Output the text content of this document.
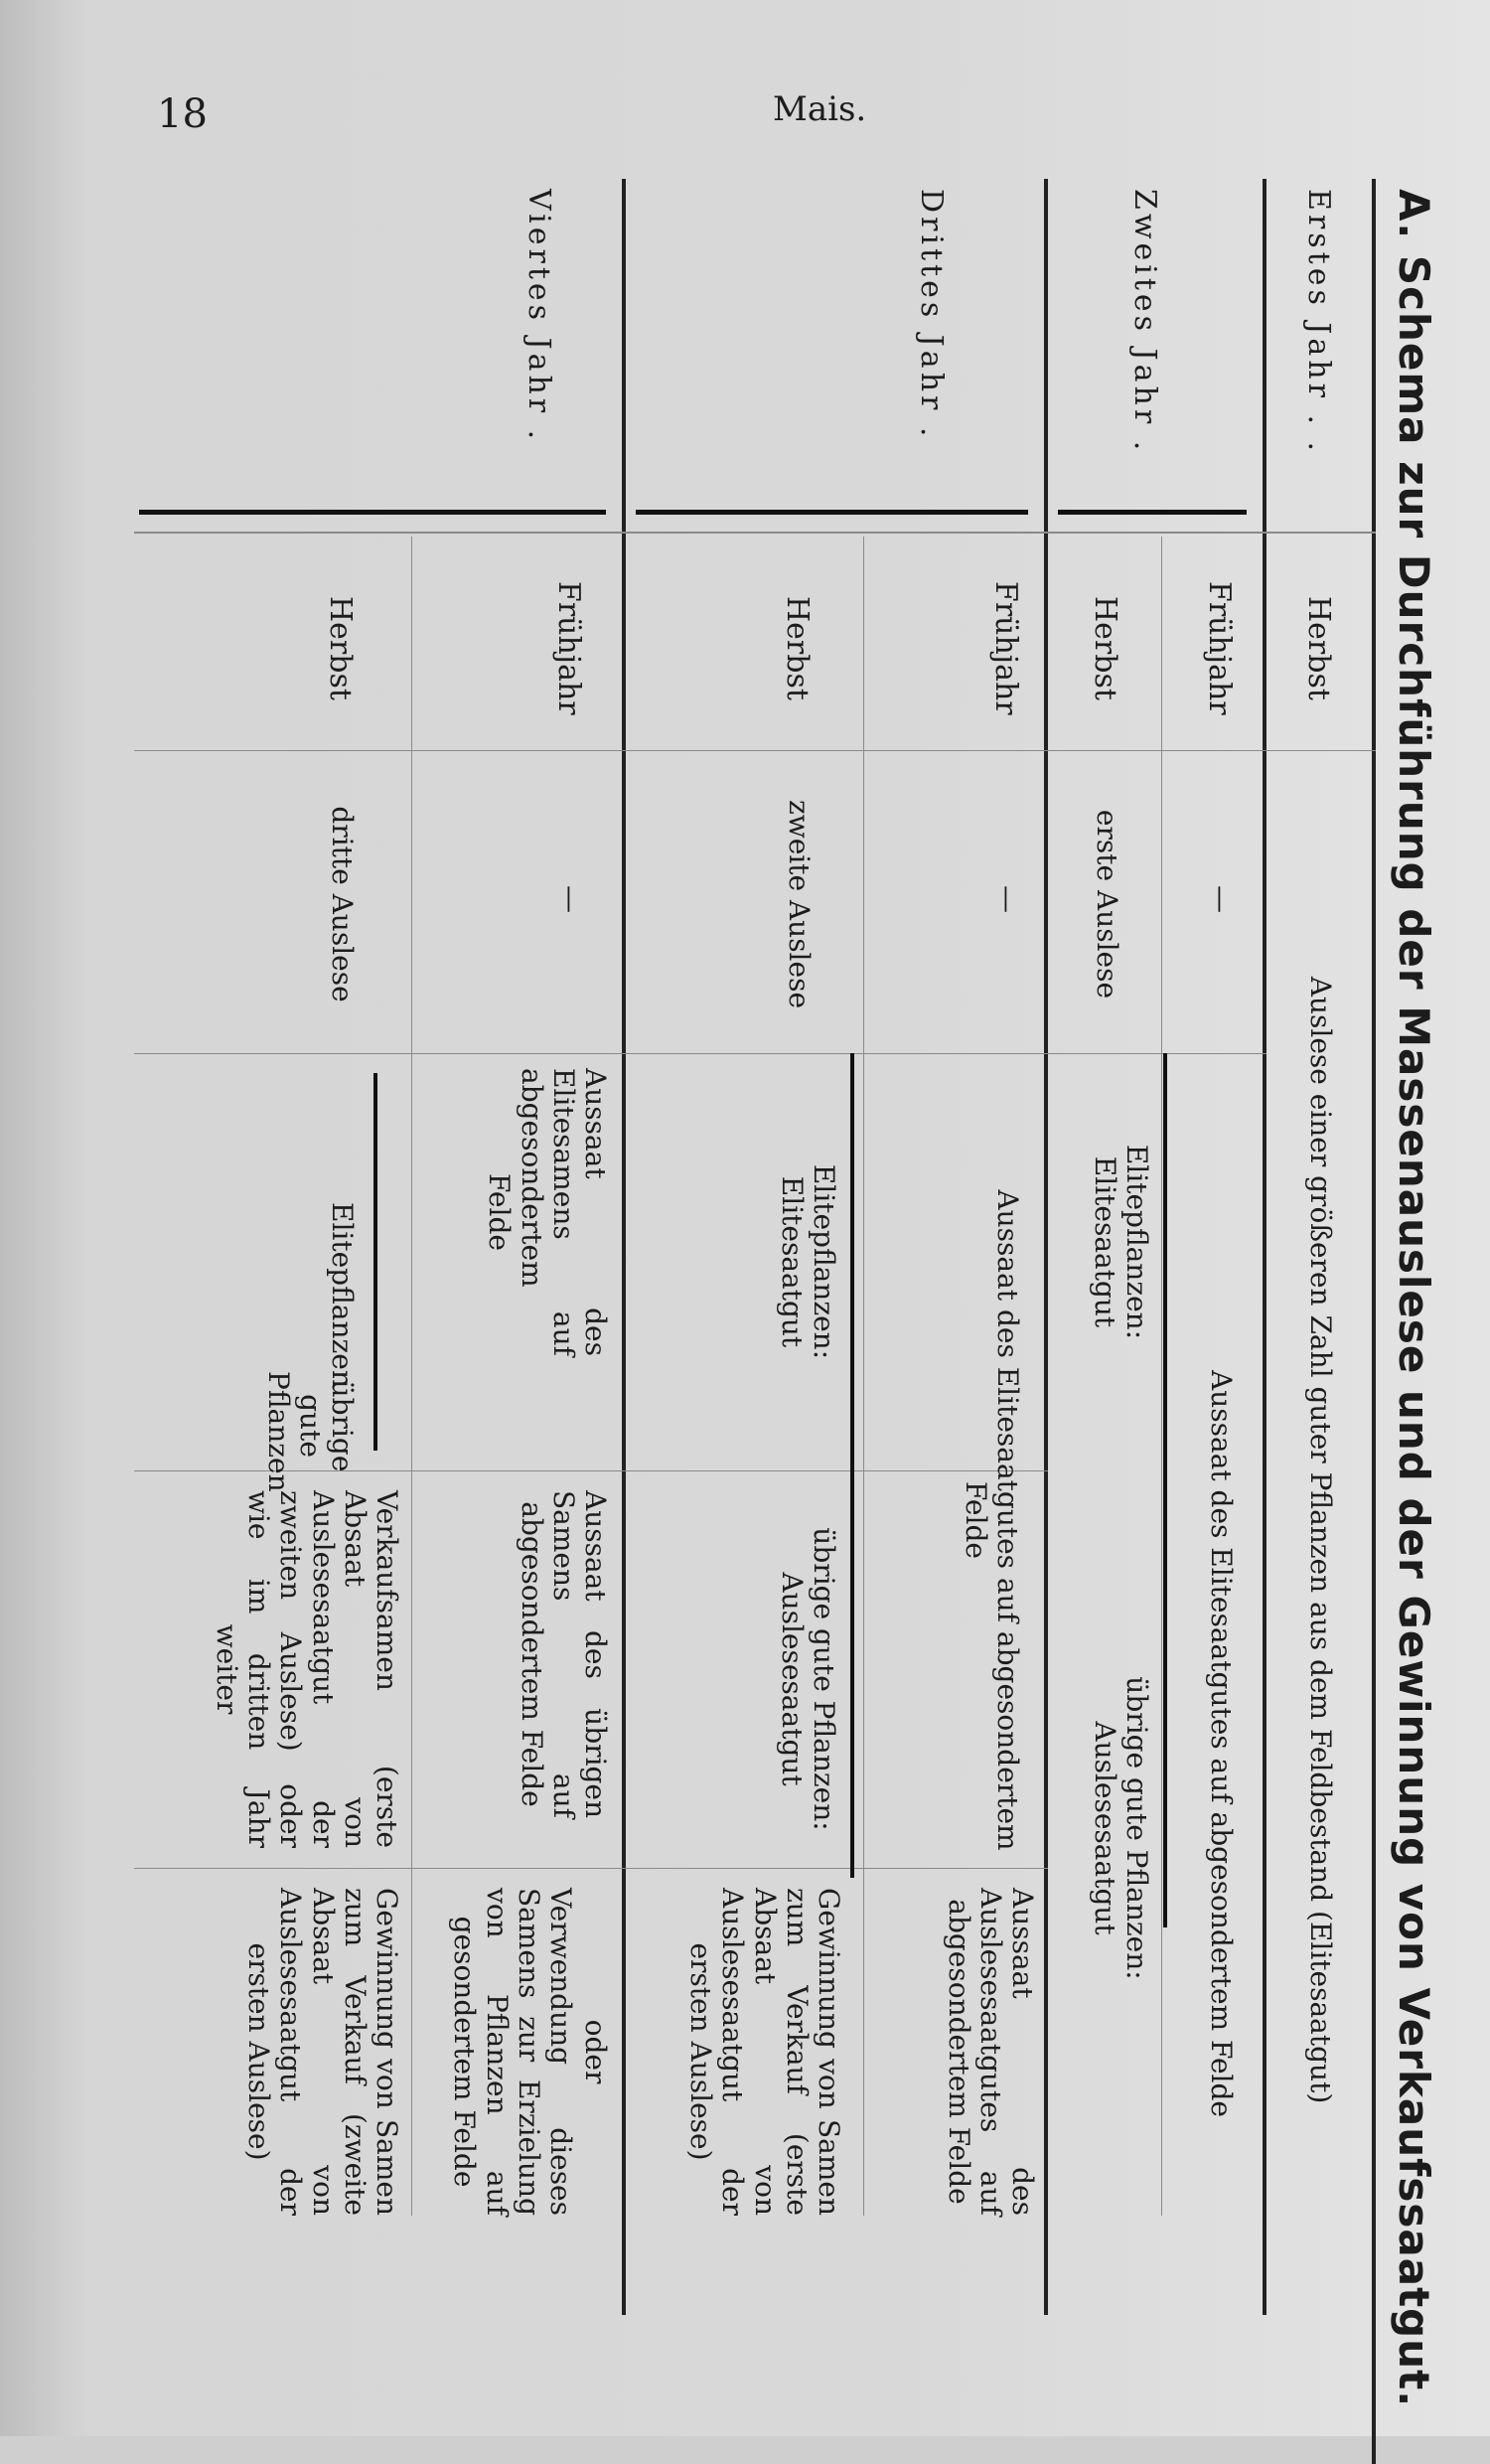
18	Mais.
A. Schema zur Durchführung der Massenauslese und der Gewinnung von Verkaufssaatgut.
Erstes Jahr . .
Herbst
Auslese einer größeren Zahl guter Pflanzen aus dem Feldbestand (Elitesaatgut)
Zweites Jahr .
Frühjahr
—
Aussaat des Elitesaatgutes auf abgesondertem Felde
Herbst
erste Auslese
Elitepflanzen: Elitesaatgut
übrige gute Pflanzen: Auslesesaatgut
Drittes Jahr .
Frühjahr
—
Aussaat des Elitesaatgutes auf abgesondertem Felde
Aussaat des Auslesesaatgutes auf abgesondertem Felde
Herbst
zweite Auslese
Elitepflanzen: Elitesaatgut
übrige gute Pflanzen: Auslesesaatgut
Gewinnung von Samen zum Verkauf (erste Absaat von Auslesesaatgut der ersten Auslese)
Viertes Jahr .
Frühjahr
—
Aussaat des Elitesamens auf abgesondertem Felde
Aussaat des übrigen Samens auf abgesondertem Felde
oder
Verwendung dieses Samens zur Erzielung von Pflanzen auf gesondertem Felde
Herbst
dritte Auslese
Elitepflanzen
übrige gute Pflanzen
Verkaufsamen (erste Absaat von Auslesesaatgut der zweiten Auslese) oder wie im dritten Jahr weiter
Gewinnung von Samen zum Verkauf (zweite Absaat von Auslesesaatgut der ersten Auslese)
